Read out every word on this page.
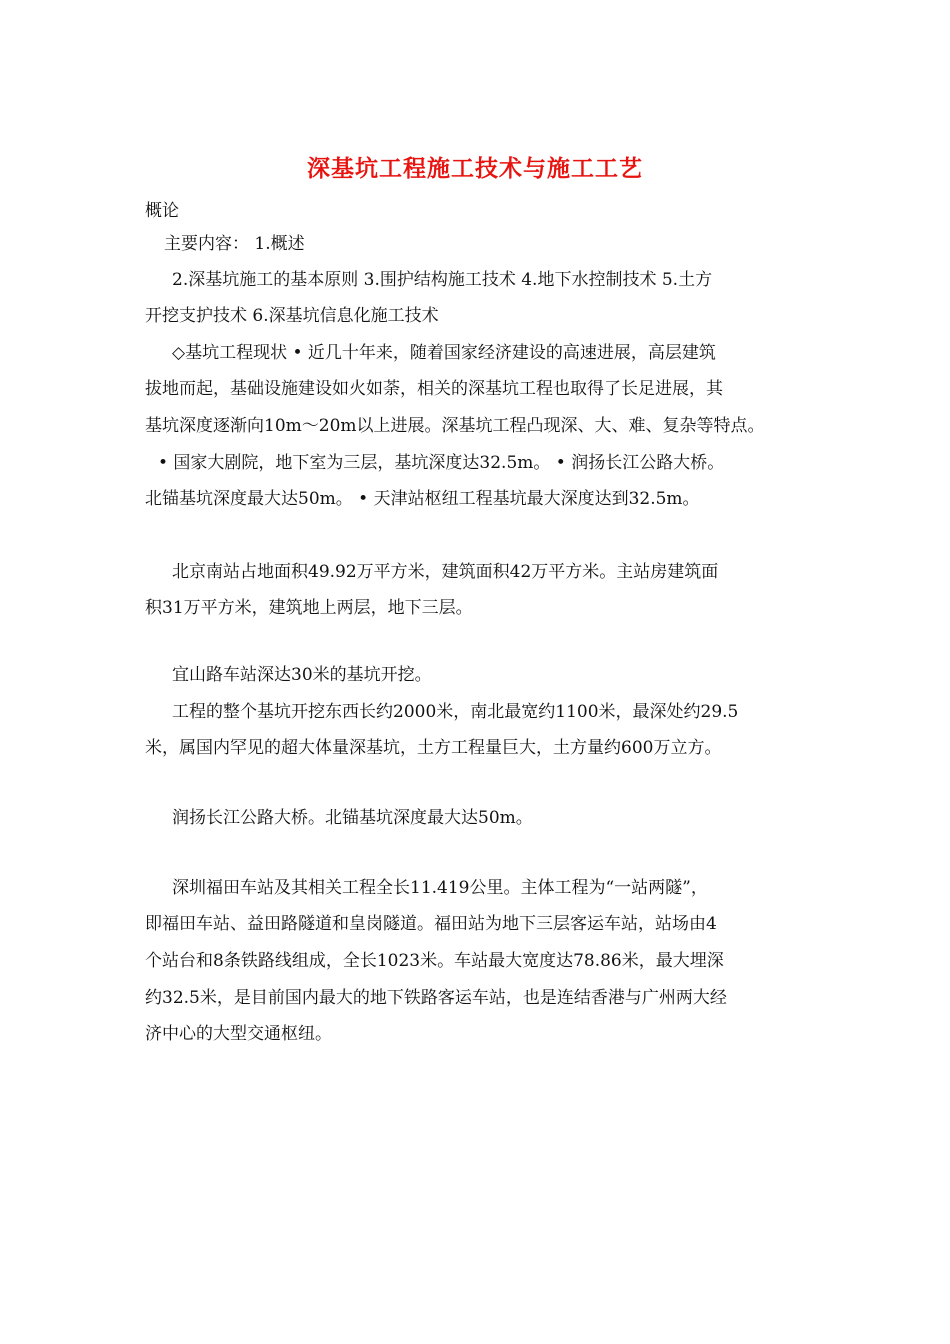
深基坑工程施工技术与施工工艺
概论
主要内容： 1.概述
2.深基坑施工的基本原则 3.围护结构施工技术 4.地下水控制技术 5.土方
开挖支护技术 6.深基坑信息化施工技术
◇基坑工程现状 • 近几十年来，随着国家经济建设的高速进展，高层建筑
拔地而起，基础设施建设如火如荼，相关的深基坑工程也取得了长足进展，其
基坑深度逐渐向10m～20m以上进展。深基坑工程凸现深、大、难、复杂等特点。
• 国家大剧院，地下室为三层，基坑深度达32.5m。 • 润扬长江公路大桥。
北锚基坑深度最大达50m。 • 天津站枢纽工程基坑最大深度达到32.5m。
北京南站占地面积49.92万平方米，建筑面积42万平方米。主站房建筑面
积31万平方米，建筑地上两层，地下三层。
宜山路车站深达30米的基坑开挖。
工程的整个基坑开挖东西长约2000米，南北最宽约1100米，最深处约29.5
米，属国内罕见的超大体量深基坑，土方工程量巨大，土方量约600万立方。
润扬长江公路大桥。北锚基坑深度最大达50m。
深圳福田车站及其相关工程全长11.419公里。主体工程为“一站两隧”，
即福田车站、益田路隧道和皇岗隧道。福田站为地下三层客运车站，站场由4
个站台和8条铁路线组成，全长1023米。车站最大宽度达78.86米，最大埋深
约32.5米，是目前国内最大的地下铁路客运车站，也是连结香港与广州两大经
济中心的大型交通枢纽。
